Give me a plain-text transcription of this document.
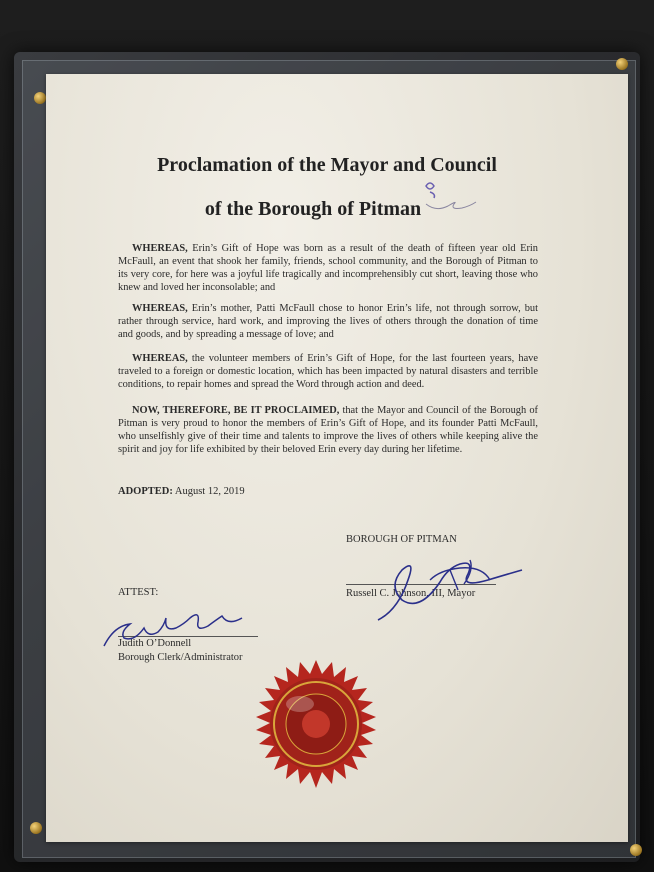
Proclamation of the Mayor and Council
of the Borough of Pitman
WHEREAS, Erin’s Gift of Hope was born as a result of the death of fifteen year old Erin McFaull, an event that shook her family, friends, school community, and the Borough of Pitman to its very core, for here was a joyful life tragically and incomprehensibly cut short, leaving those who knew and loved her inconsolable; and
WHEREAS, Erin’s mother, Patti McFaull chose to honor Erin’s life, not through sorrow, but rather through service, hard work, and improving the lives of others through the donation of time and goods, and by spreading a message of love; and
WHEREAS, the volunteer members of Erin’s Gift of Hope, for the last fourteen years, have traveled to a foreign or domestic location, which has been impacted by natural disasters and terrible conditions, to repair homes and spread the Word through action and deed.
NOW, THEREFORE, BE IT PROCLAIMED, that the Mayor and Council of the Borough of Pitman is very proud to honor the members of Erin’s Gift of Hope, and its founder Patti McFaull, who unselfishly give of their time and talents to improve the lives of others while keeping alive the spirit and joy for life exhibited by their beloved Erin every day during her lifetime.
ADOPTED: August 12, 2019
BOROUGH OF PITMAN
Russell C. Johnson, III, Mayor
ATTEST:
Judith O’Donnell
Borough Clerk/Administrator
